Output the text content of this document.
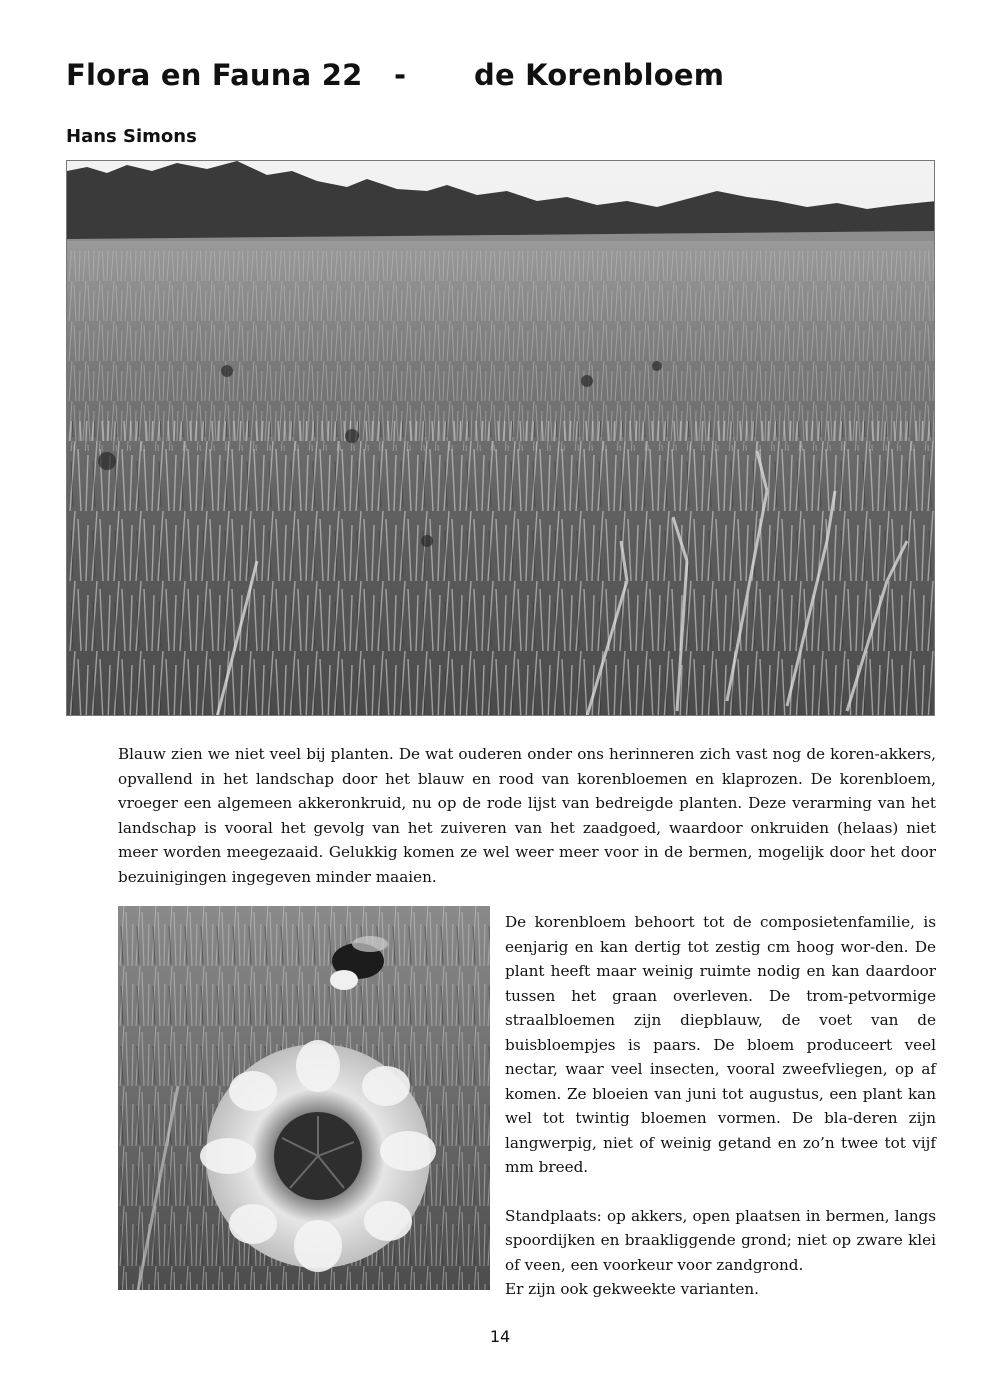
Flora en Fauna 22 - de Korenbloem
Hans Simons

Blauw zien we niet veel bij planten. De wat ouderen onder ons herinneren zich vast nog de koren-akkers, opvallend in het landschap door het blauw en rood van korenbloemen en klaprozen. De korenbloem, vroeger een algemeen akkeronkruid, nu op de rode lijst van bedreigde planten. Deze verarming van het landschap is vooral het gevolg van het zuiveren van het zaadgoed, waardoor onkruiden (helaas) niet meer worden meegezaaid. Gelukkig komen ze wel weer meer voor in de bermen, mogelijk door het door bezuinigingen ingegeven minder maaien.

De korenbloem behoort tot de composietenfamilie, is eenjarig en kan dertig tot zestig cm hoog wor-den. De plant heeft maar weinig ruimte nodig en kan daardoor tussen het graan overleven. De trom-petvormige straalbloemen zijn diepblauw, de voet van de buisbloempjes is paars. De bloem produceert veel nectar, waar veel insecten, vooral zweefvliegen, op af komen. Ze bloeien van juni tot augustus, een plant kan wel tot twintig bloemen vormen. De bla-deren zijn langwerpig, niet of weinig getand en zo’n twee tot vijf mm breed.

Standplaats: op akkers, open plaatsen in bermen, langs spoordijken en braakliggende grond; niet op zware klei of veen, een voorkeur voor zandgrond.
Er zijn ook gekweekte varianten.

14
